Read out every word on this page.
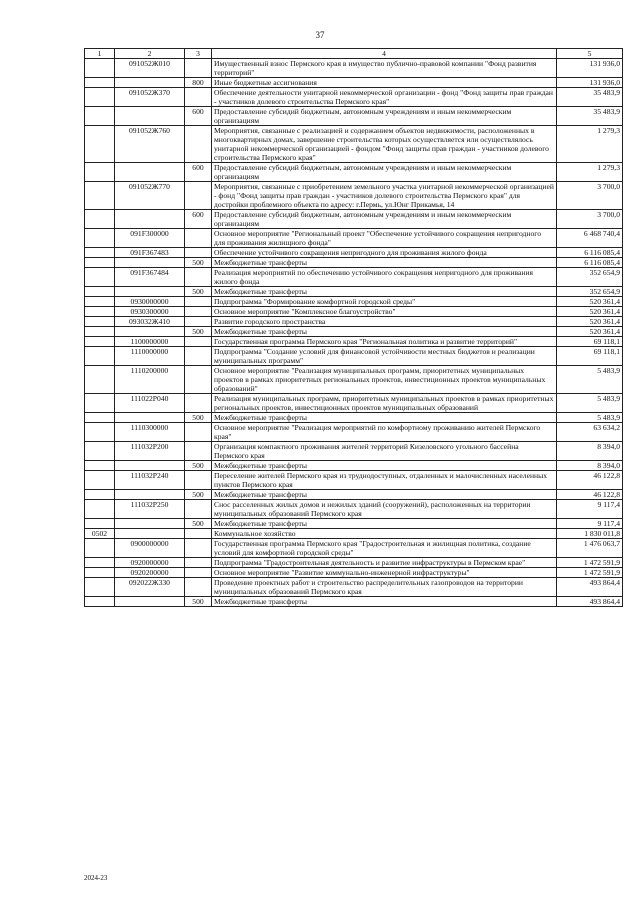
37
1	2	3	4	5
	091052Ж010		Имущественный взнос Пермского края в имущество публично-правовой компании "Фонд развития территорий"	131 936,0
		800	Иные бюджетные ассигнования	131 936,0
	091052Ж370		Обеспечение деятельности унитарной некоммерческой организации - фонд "Фонд защиты прав граждан - участников долевого строительства Пермского края"	35 483,9
		600	Предоставление субсидий бюджетным, автономным учреждениям и иным некоммерческим организациям	35 483,9
	091052Ж760		Мероприятия, связанные с реализацией и содержанием объектов недвижимости, расположенных в многоквартирных домах, завершение строительства которых осуществляется или осуществлялось унитарной некоммерческой организацией - фондом "Фонд защиты прав граждан - участников долевого строительства Пермского края"	1 279,3
		600	Предоставление субсидий бюджетным, автономным учреждениям и иным некоммерческим организациям	1 279,3
	091052Ж770		Мероприятия, связанные с приобретением земельного участка унитарной некоммерческой организацией - фонд "Фонд защиты прав граждан - участников долевого строительства Пермского края" для достройки проблемного объекта по адресу: г.Пермь, ул.Юнг Прикамья, 14	3 700,0
		600	Предоставление субсидий бюджетным, автономным учреждениям и иным некоммерческим организациям	3 700,0
	091F300000		Основное мероприятие "Региональный проект "Обеспечение устойчивого сокращения непригодного для проживания жилищного фонда"	6 468 740,4
	091F367483		Обеспечение устойчивого сокращения непригодного для проживания жилого фонда	6 116 085,4
		500	Межбюджетные трансферты	6 116 085,4
	091F367484		Реализация мероприятий по обеспечению устойчивого сокращения непригодного для проживания жилого фонда	352 654,9
		500	Межбюджетные трансферты	352 654,9
	0930000000		Подпрограмма "Формирование комфортной городской среды"	520 361,4
	0930300000		Основное мероприятие "Комплексное благоустройство"	520 361,4
	093032Ж410		Развитие городского пространства	520 361,4
		500	Межбюджетные трансферты	520 361,4
	1100000000		Государственная программа Пермского края "Региональная политика и развитие территорий"	69 118,1
	1110000000		Подпрограмма "Создание условий для финансовой устойчивости местных бюджетов и реализации муниципальных программ"	69 118,1
	1110200000		Основное мероприятие "Реализация муниципальных программ, приоритетных муниципальных проектов в рамках приоритетных региональных проектов, инвестиционных проектов муниципальных образований"	5 483,9
	111022P040		Реализация муниципальных программ, приоритетных муниципальных проектов в рамках приоритетных региональных проектов, инвестиционных проектов муниципальных образований	5 483,9
		500	Межбюджетные трансферты	5 483,9
	1110300000		Основное мероприятие "Реализация мероприятий по комфортному проживанию жителей Пермского края"	63 634,2
	111032P200		Организация компактного проживания жителей территорий Кизеловского угольного бассейна Пермского края	8 394,0
		500	Межбюджетные трансферты	8 394,0
	111032P240		Переселение жителей Пермского края из труднодоступных, отдаленных и малочисленных населенных пунктов Пермского края	46 122,8
		500	Межбюджетные трансферты	46 122,8
	111032P250		Снос расселенных жилых домов и нежилых зданий (сооружений), расположенных на территории муниципальных образований Пермского края	9 117,4
		500	Межбюджетные трансферты	9 117,4
0502			Коммунальное хозяйство	1 830 011,8
	0900000000		Государственная программа Пермского края "Градостроительная и жилищная политика, создание условий для комфортной городской среды"	1 476 063,7
	0920000000		Подпрограмма "Градостроительная деятельность и развитие инфраструктуры в Пермском крае"	1 472 591,9
	0920200000		Основное мероприятие "Развитие коммунально-инженерной инфраструктуры"	1 472 591,9
	092022Ж330		Проведение проектных работ и строительство распределительных газопроводов на территории муниципальных образований Пермского края	493 864,4
		500	Межбюджетные трансферты	493 864,4
2024-23
